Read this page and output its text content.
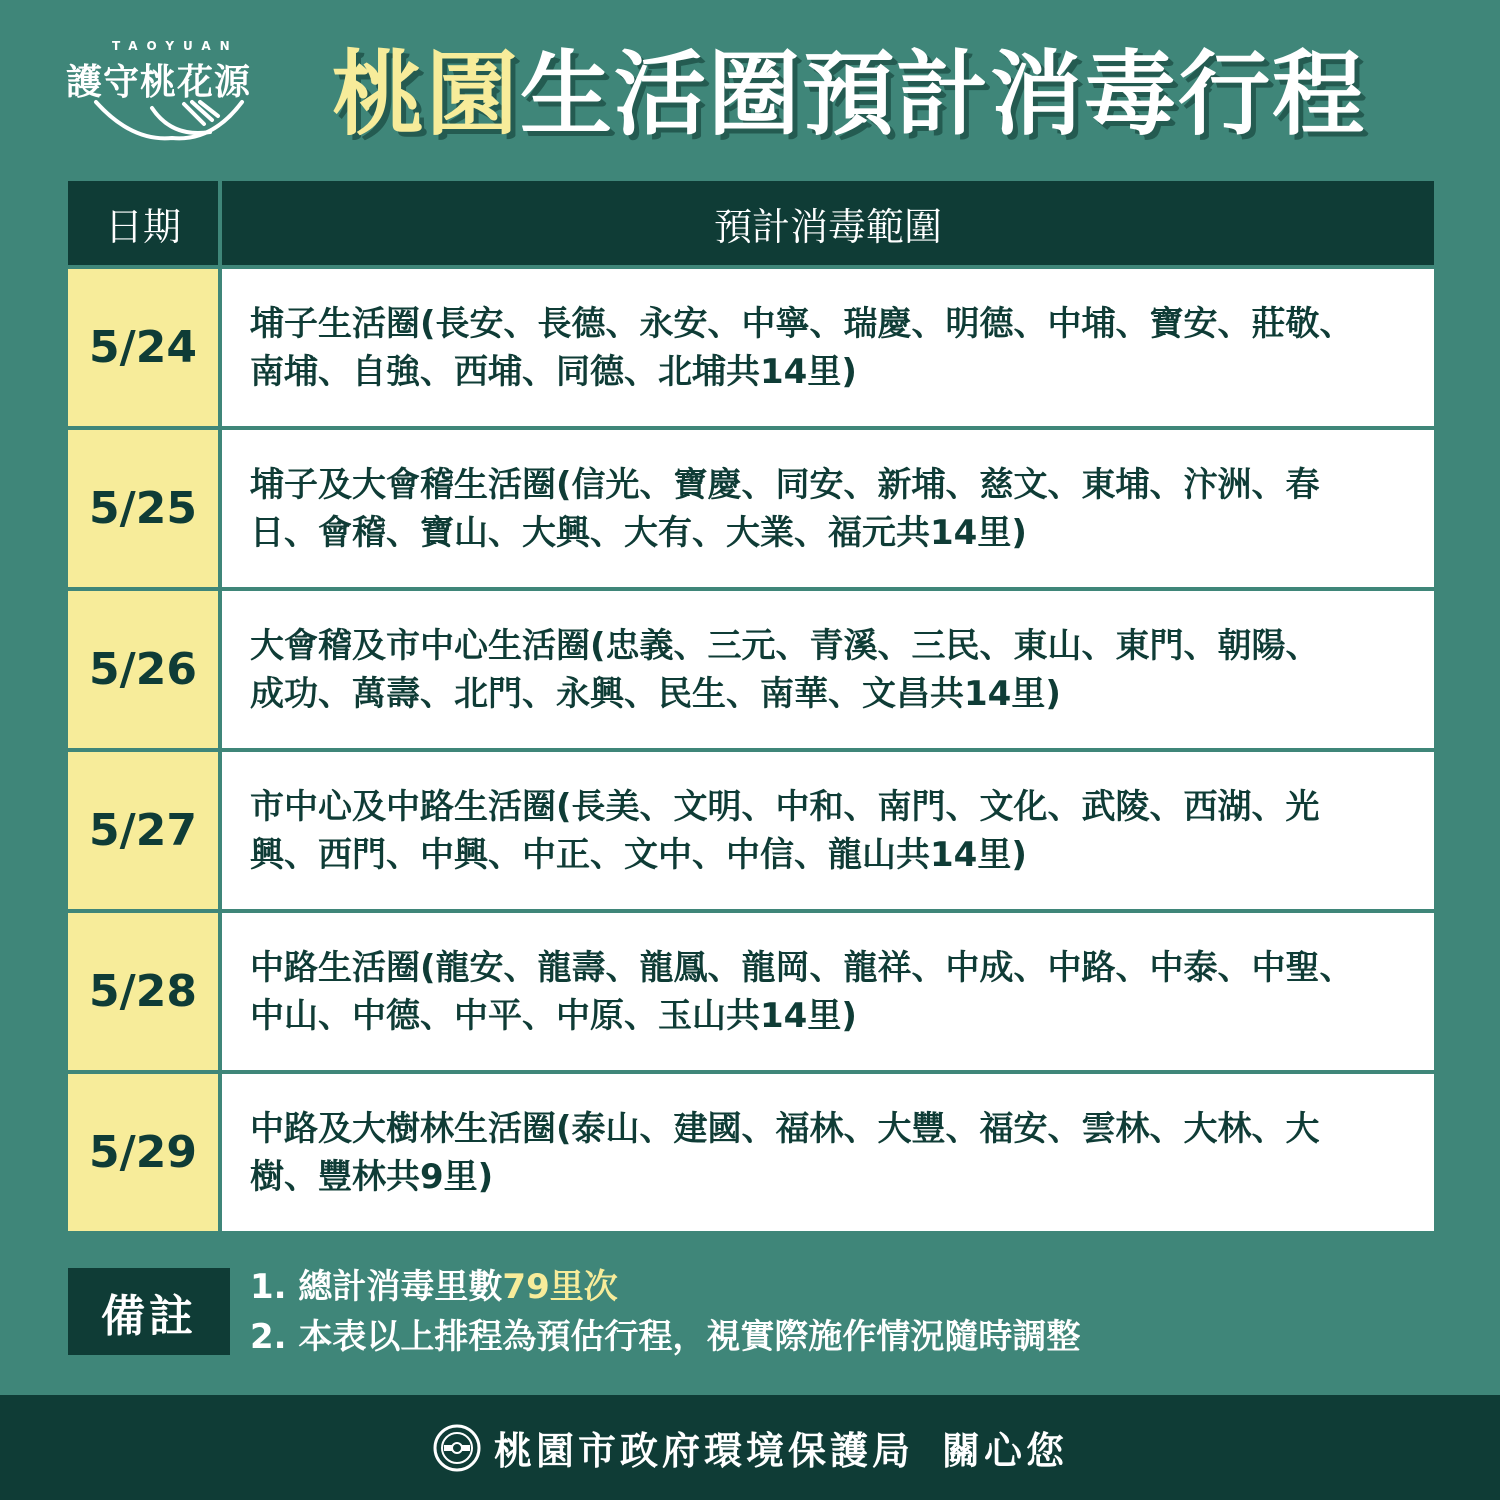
TAOYUAN
護守桃花源 桃園生活圈預計消毒行程
日期	預計消毒範圍
5/24	埔子生活圈(長安、長德、永安、中寧、瑞慶、明德、中埔、寶安、莊敬、
南埔、自強、西埔、同德、北埔共14里)
5/25	埔子及大會稽生活圈(信光、寶慶、同安、新埔、慈文、東埔、汴洲、春
日、會稽、寶山、大興、大有、大業、福元共14里)
5/26	大會稽及市中心生活圈(忠義、三元、青溪、三民、東山、東門、朝陽、
成功、萬壽、北門、永興、民生、南華、文昌共14里)
5/27	市中心及中路生活圈(長美、文明、中和、南門、文化、武陵、西湖、光
興、西門、中興、中正、文中、中信、龍山共14里)
5/28	中路生活圈(龍安、龍壽、龍鳳、龍岡、龍祥、中成、中路、中泰、中聖、
中山、中德、中平、中原、玉山共14里)
5/29	中路及大樹林生活圈(泰山、建國、福林、大豐、福安、雲林、大林、大
樹、豐林共9里)
備註
1. 總計消毒里數79里次
2. 本表以上排程為預估行程，視實際施作情況隨時調整
桃園市政府環境保護局 關心您
